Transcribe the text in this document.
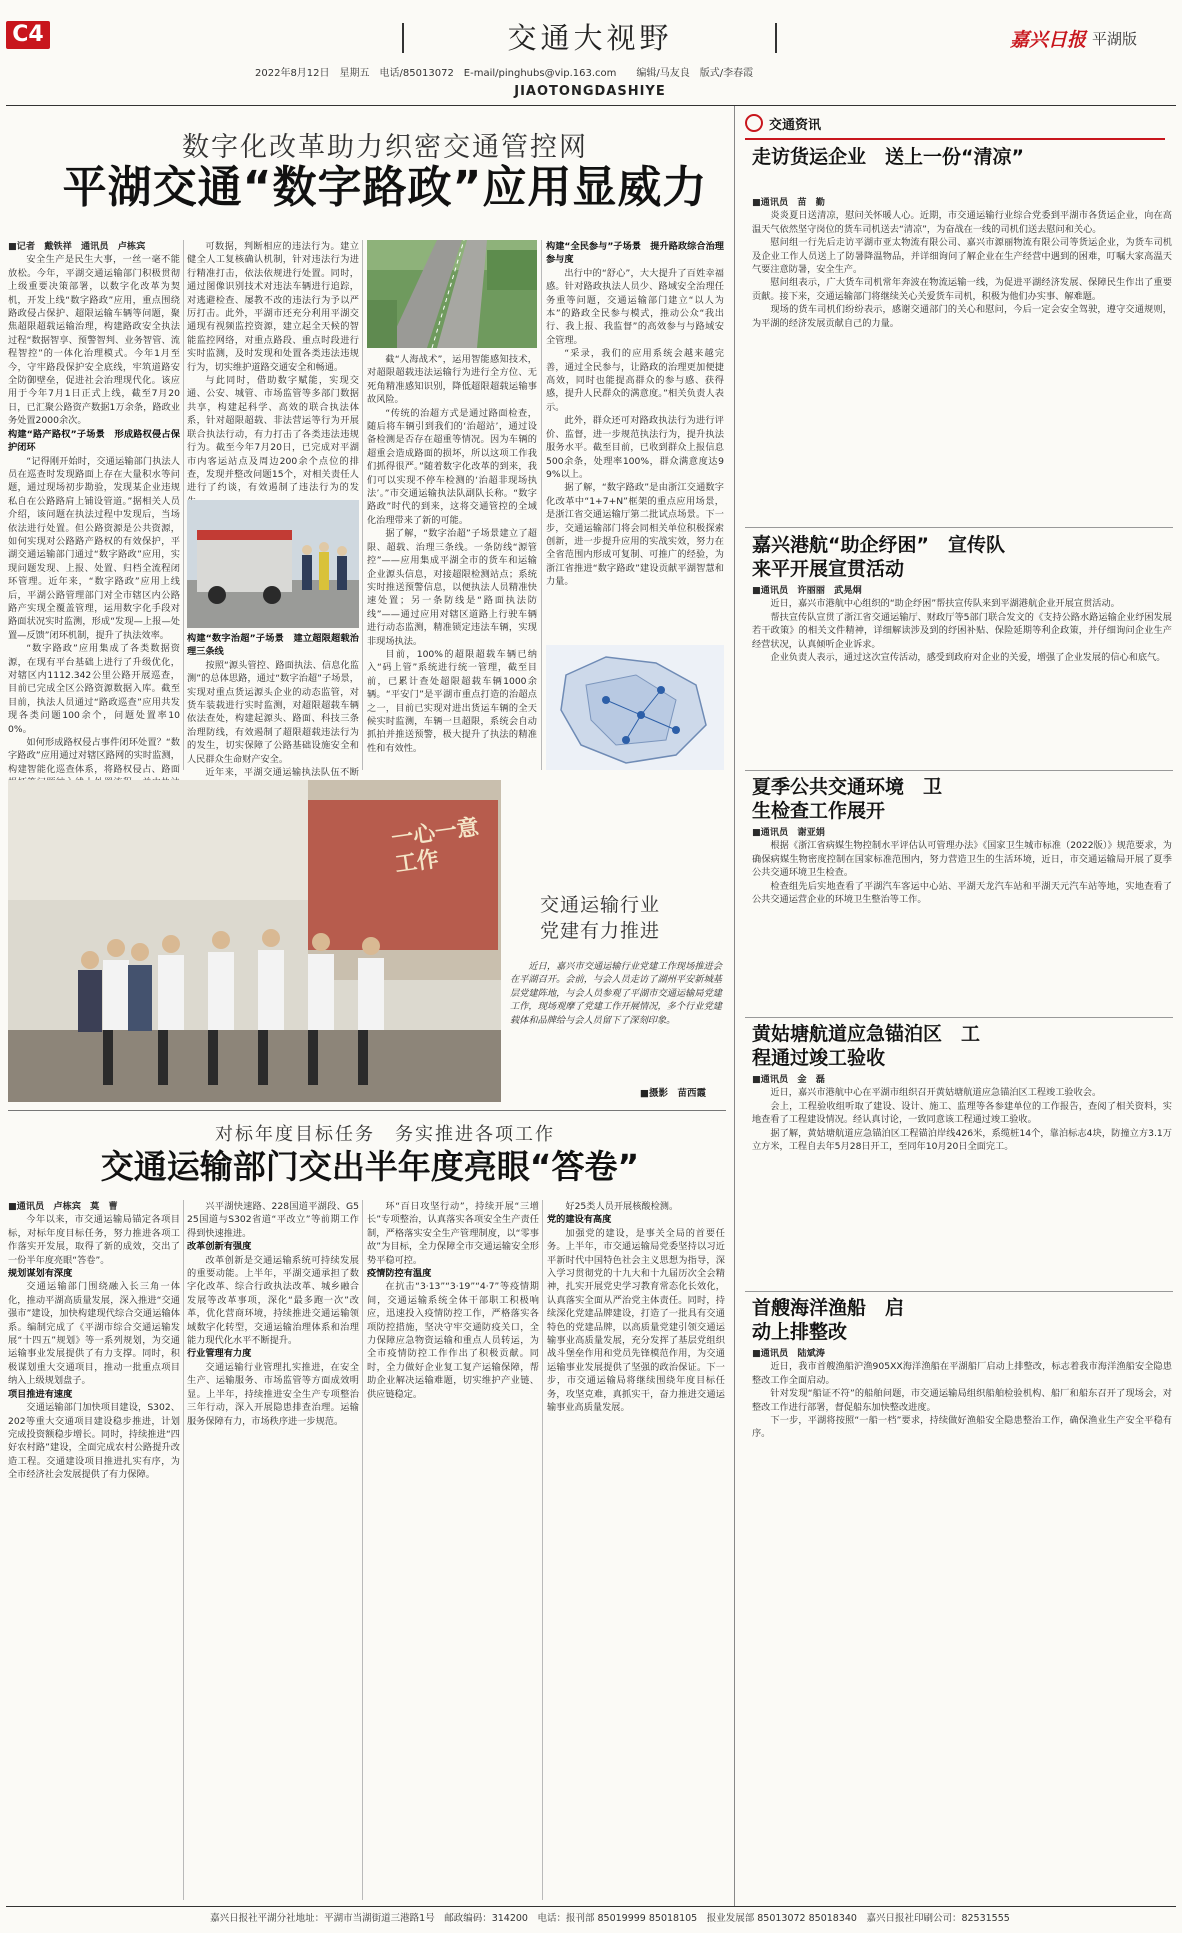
C4	交通大视野
2022年8月12日　星期五　电话/85013072　E-mail/pinghubs@vip.163.com　　编辑/马友良　版式/李春霞
JIAOTONGDASHIYE
嘉兴日报 平湖版
数字化改革助力织密交通管控网
平湖交通“数字路政”应用显威力

■记者　戴铁祥　通讯员　卢栋宾

安全生产是民生大事，一丝一毫不能放松。今年，平湖交通运输部门积极贯彻上级重要决策部署，以数字化改革为契机，开发上线“数字路政”应用，重点围绕路政侵占保护、超限运输车辆等问题，聚焦超限超载运输治理，构建路政安全执法过程“数据智享、预警智判、业务智管、流程智控”的一体化治理模式。今年1月至今，守牢路段保护安全底线，牢筑道路安全防御壁垒，促进社会治理现代化。该应用于今年7月1日正式上线，截至7月20日，已汇聚公路资产数据1万余条，路政业务处置2000余次。

构建“路产路权”子场景　形成路权侵占保护闭环

“记得刚开始时，交通运输部门执法人员在巡查时发现路面上存在大量积水等问题，通过现场初步勘验，发现某企业违规私自在公路路肩上铺设管道。”据相关人员介绍，该问题在执法过程中发现后，当场依法进行处置。但公路资源是公共资源，如何实现对公路路产路权的有效保护，平湖交通运输部门通过“数字路政”应用，实现问题发现、上报、处置、归档全流程闭环管理。近年来，“数字路政”应用上线后，平湖公路管理部门对全市辖区内公路路产实现全覆盖管理，运用数字化手段对路面状况实时监测，形成“发现—上报—处置—反馈”闭环机制，提升了执法效率。

“数字路政”应用集成了各类数据资源，在现有平台基础上进行了升级优化，对辖区内1112.342公里公路开展巡查，目前已完成全区公路资源数据入库。截至目前，执法人员通过“路政巡查”应用共发现各类问题100余个，问题处置率100%。

如何形成路权侵占事件闭环处置？“数字路政”应用通过对辖区路网的实时监测，构建智能化巡查体系，将路权侵占、路面

可数据，判断相应的违法行为。建立健全人工复核确认机制，针对违法行为进行精准打击，依法依规进行处置。同时，通过图像识别技术对违法车辆进行追踪，对逃避检查、屡教不改的违法行为予以严厉打击。此外，平湖市还充分利用平湖交通现有视频监控资源，建立起全天候的智能监控网络，对重点路段、重点时段进行实时监测，及时发现和处置各类违法违规行为，切实维护道路交通安全和畅通。

与此同时，借助数字赋能，实现交通、公安、城管、市场监管等多部门数据共享，构建起科学、高效的联合执法体系，针对超限超载、非法营运等行为开展联合执法行动，有力打击了各类违法违规行为。截至今年7月20日，已完成对平湖市内客运站点及周边200余个点位的排查，发现并整改问题15个，对相关责任人进行了约谈，有效遏制了违法行为的发

构建“数字治超”子场景　建立超限超载治理三条线

按照“源头管控、路面执法、信息化监测”的总体思路，通过“数字治超”子场景，实现对重点货运源头企业的动态监管，对货车装载进行实时监测，对超限超载车辆依法查处，构建起源头、路面、科技三条治理防线，有效遏制了超限超载违法行为的发生，切实保障了公路基础设施安全和人民群众生命财产安全。

近年来，平湖交通运输执法队伍不断

截“人海战术”，运用智能感知技术，对超限超载违法运输行为进行全方位、无死角精准感知识别，降低超限超载运输事故风险。

“传统的治超方式是通过路面检查，随后将车辆引到我们的‘治超站’，通过设备检测是否存在超重等情况。因为车辆的超重会造成路面的损坏，所以这项工作我们抓得很严。”随着数字化改革的到来，我们可以实现不停车检测的‘治超非现场执法’。”市交通运输执法队副队长称。“数字路政”时代的到来，这将交通管控的全域化治理带来了新的可能。

据了解，“数字治超”子场景建立了超限、超载、治理三条线。一条防线“源管控”——应用集成平湖全市的货车和运输企业源头信息，对接超限检测站点；系统实时推送预警信息，以便执法人员精准快速处置；另一条防线是“路面执法防线”——通过应用对辖区道路上行驶车辆进行动态监测，精准锁定违法车辆，实现非现场执法。

目前，100%的超限超载车辆已纳入“码上管”系统进行统一管理，截至目前，已累计查处超限超载车辆1000余辆。“平安门”是平湖市重点打造的治超点之一，目前已实现对进出货运车辆的全天候实时监测，车辆一旦超限，系统会自动抓拍并推送预警，极大提升了执法的精准性和有效性。

构建“全民参与”子场景　提升路政综合治理参与度

出行中的“舒心”，大大提升了百姓幸福感。针对路政执法人员少、路域安全治理任务重等问题，交通运输部门建立“以人为本”的路政全民参与模式，推动公众“我出行、我上报、我监督”的高效参与与路域安全管理。

“采录，我们的应用系统会越来越完善，通过全民参与，让路政的治理更加便捷高效，同时也能提高群众的参与感、获得感，提升人民群众的满意度。”相关负责人表示。

此外，群众还可对路政执法行为进行评价、监督，进一步规范执法行为，提升执法服务水平。截至目前，已收到群众上报信息500余条，处理率100%，群众满意度达99%以上。

据了解，“数字路政”是由浙江交通数字化改革中“1+7+N”框架的重点应用场景，是浙江省交通运输厅第二批试点场景。下一步，交通运输部门将会同相关单位积极探索创新，进一步提升应用的实战实效，努力在全省范围内形成可复制、可推广的经验，为浙江省推进“数字路政”建设贡献平湖智慧和力量。

一心一意工作
交通运输行业
党建有力推进

近日，嘉兴市交通运输行业党建工作现场推进会在平湖召开。会前，与会人员走访了湖州平安新城基层党建阵地，与会人员参观了平湖市交通运输局党建工作，现场观摩了党建工作开展情况，多个行业党建载体和品牌给与会人员留下了深刻印象。

■摄影　苗西霞
对标年度目标任务　务实推进各项工作
交通运输部门交出半年度亮眼“答卷”

■通讯员　卢栋宾　莫　曹

今年以来，市交通运输局锚定各项目标，对标年度目标任务，努力推进各项工作落实开发展，取得了新的成效，交出了一份半年度亮眼“答卷”。

规划谋划有深度

交通运输部门围绕融入长三角一体化，推动平湖高质量发展，深入推进“交通强市”建设，加快构建现代综合交通运输体系。编制完成了《平湖市综合交通运输发展“十四五”规划》等一系列规划，为交通运输事业发展提供了有力支撑。同时，积极谋划重大交通项目，推动一批重点项目纳入上级规划盘子。

项目推进有速度

交通运输部门加快项目建设，S302、202等重大交通项目建设稳步推进，计划完成投资额稳步增长。同时，持续推进“四好农村路”建设，全面完成农村公路提升改造工程。交通建设项目推进扎实有序，为全市经济社会发展提供了有力保障。

兴平湖快速路、228国道平湖段、G525国道与S302省道“平改立”等前期工作得到快速推进。

改革创新有强度

改革创新是交通运输系统可持续发展的重要动能。上半年，平湖交通承担了数字化改革、综合行政执法改革、城乡融合发展等改革事项，深化“最多跑一次”改革，优化营商环境，持续推进交通运输领域数字化转型，交通运输治理体系和治理能力现代化水平不断提升。

行业管理有力度

交通运输行业管理扎实推进，在安全生产、运输服务、市场监管等方面成效明显。上半年，持续推进安全生产专项整治三年行动，深入开展隐患排查治理。运输服务保障有力，市场秩序进一步规范。

环“百日攻坚行动”，持续开展“三增长”专项整治，认真落实各项安全生产责任制，严格落实安全生产管理制度，以“零事故”为目标，全力保障全市交通运输安全形势平稳可控。

疫情防控有温度

在抗击“3·13”“3·19”“4·7”等疫情期间，交通运输系统全体干部职工积极响应，迅速投入疫情防控工作，严格落实各项防控措施，坚决守牢交通防疫关口，全力保障应急物资运输和重点人员转运，为全市疫情防控工作作出了积极贡献。同时，全力做好企业复工复产运输保障，帮助企业解决运输难题，切实维护产业链、供应链稳定。

好25类人员开展核酸检测。

党的建设有高度

加强党的建设，是事关全局的首要任务。上半年，市交通运输局党委坚持以习近平新时代中国特色社会主义思想为指导，深入学习贯彻党的十九大和十九届历次全会精神，扎实开展党史学习教育常态化长效化，认真落实全面从严治党主体责任。同时，持续深化党建品牌建设，打造了一批具有交通特色的党建品牌，以高质量党建引领交通运输事业高质量发展，充分发挥了基层党组织战斗堡垒作用和党员先锋模范作用，为交通运输事业发展提供了坚强的政治保证。下一步，市交通运输局将继续围绕年度目标任务，攻坚克难，真抓实干，奋力推进交通运输事业高质量发展。

交通资讯
走访货运企业　送上一份“清凉”

■通讯员　苗　勤

炎炎夏日送清凉，慰问关怀暖人心。近期，市交通运输行业综合党委到平湖市各货运企业，向在高温天气依然坚守岗位的货车司机送去“清凉”，为奋战在一线的司机们送去慰问和关心。

慰问组一行先后走访平湖市亚太物流有限公司、嘉兴市源丽物流有限公司等货运企业，为货车司机及企业工作人员送上了防暑降温物品，并详细询问了解企业在生产经营中遇到的困难，叮嘱大家高温天气要注意防暑，安全生产。

慰问组表示，广大货车司机常年奔波在物流运输一线，为促进平湖经济发展、保障民生作出了重要贡献。接下来，交通运输部门将继续关心关爱货车司机，积极为他们办实事、解难题。

现场的货车司机们纷纷表示，感谢交通部门的关心和慰问，今后一定会安全驾驶，遵守交通规则，为平湖的经济发展贡献自己的力量。

嘉兴港航“助企纾困”　宣传队来平开展宣贯活动

■通讯员　许丽丽　武晃炯

近日，嘉兴市港航中心组织的“助企纾困”帮扶宣传队来到平湖港航企业开展宣贯活动。

帮扶宣传队宣贯了浙江省交通运输厅、财政厅等5部门联合发文的《支持公路水路运输企业纾困发展若干政策》的相关文件精神，详细解读涉及到的纾困补贴、保险延期等利企政策，并仔细询问企业生产经营状况，认真倾听企业诉求。

企业负责人表示，通过这次宣传活动，感受到政府对企业的关爱，增强了企业发展的信心和底气。

夏季公共交通环境　卫生检查工作展开

■通讯员　谢亚娟

根据《浙江省病媒生物控制水平评估认可管理办法》《国家卫生城市标准（2022版）》规范要求，为确保病媒生物密度控制在国家标准范围内，努力营造卫生的生活环境，近日，市交通运输局开展了夏季公共交通环境卫生检查。

检查组先后实地查看了平湖汽车客运中心站、平湖天龙汽车站和平湖天元汽车站等地，实地查看了公共交通运营企业的环境卫生整治等工作。

黄姑塘航道应急锚泊区　工程通过竣工验收

■通讯员　金　磊

近日，嘉兴市港航中心在平湖市组织召开黄姑塘航道应急锚泊区工程竣工验收会。

会上，工程验收组听取了建设、设计、施工、监理等各参建单位的工作报告，查阅了相关资料，实地查看了工程建设情况。经认真讨论，一致同意该工程通过竣工验收。

据了解，黄姑塘航道应急锚泊区工程锚泊岸线426米，系缆桩14个，靠泊标志4块，防撞立方3.1万立方米，工程自去年5月28日开工，至同年10月20日全面完工。

首艘海洋渔船　启动上排整改

■通讯员　陆斌涛

近日，我市首艘渔船沪渔905XX海洋渔船在平湖船厂启动上排整改，标志着我市海洋渔船安全隐患整改工作全面启动。

针对发现“船证不符”的船舶问题，市交通运输局组织船舶检验机构、船厂和船东召开了现场会，对整改工作进行部署，督促船东加快整改进度。

下一步，平湖将按照“一船一档”要求，持续做好渔船安全隐患整治工作，确保渔业生产安全平稳有序。

嘉兴日报社平湖分社地址：平湖市当湖街道三港路1号　邮政编码：314200　电话：报刊部 85019999 85018105　报业发展部 85013072 85018340　嘉兴日报社印刷公司：82531555
